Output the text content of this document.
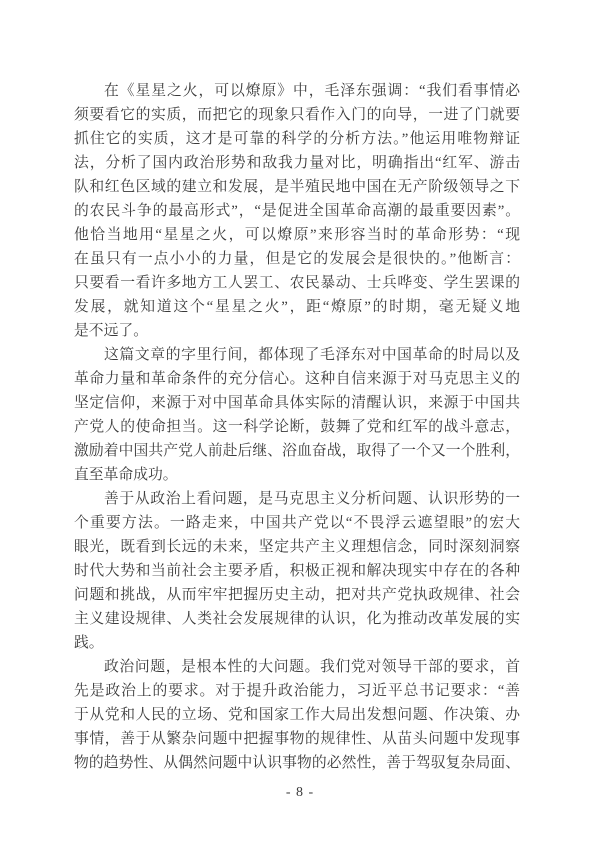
在《星星之火，可以燎原》中，毛泽东强调：“我们看事情必
须要看它的实质，而把它的现象只看作入门的向导，一进了门就要
抓住它的实质，这才是可靠的科学的分析方法。”他运用唯物辩证
法，分析了国内政治形势和敌我力量对比，明确指出“红军、游击
队和红色区域的建立和发展，是半殖民地中国在无产阶级领导之下
的农民斗争的最高形式”，“是促进全国革命高潮的最重要因素”。
他恰当地用“星星之火，可以燎原”来形容当时的革命形势：“现
在虽只有一点小小的力量，但是它的发展会是很快的。”他断言：
只要看一看许多地方工人罢工、农民暴动、士兵哗变、学生罢课的
发展，就知道这个“星星之火”，距“燎原”的时期，毫无疑义地
是不远了。
这篇文章的字里行间，都体现了毛泽东对中国革命的时局以及
革命力量和革命条件的充分信心。这种自信来源于对马克思主义的
坚定信仰，来源于对中国革命具体实际的清醒认识，来源于中国共
产党人的使命担当。这一科学论断，鼓舞了党和红军的战斗意志，
激励着中国共产党人前赴后继、浴血奋战，取得了一个又一个胜利，
直至革命成功。
善于从政治上看问题，是马克思主义分析问题、认识形势的一
个重要方法。一路走来，中国共产党以“不畏浮云遮望眼”的宏大
眼光，既看到长远的未来，坚定共产主义理想信念，同时深刻洞察
时代大势和当前社会主要矛盾，积极正视和解决现实中存在的各种
问题和挑战，从而牢牢把握历史主动，把对共产党执政规律、社会
主义建设规律、人类社会发展规律的认识，化为推动改革发展的实
践。
政治问题，是根本性的大问题。我们党对领导干部的要求，首
先是政治上的要求。对于提升政治能力，习近平总书记要求：“善
于从党和人民的立场、党和国家工作大局出发想问题、作决策、办
事情，善于从繁杂问题中把握事物的规律性、从苗头问题中发现事
物的趋势性、从偶然问题中认识事物的必然性，善于驾驭复杂局面、
- 8 -
